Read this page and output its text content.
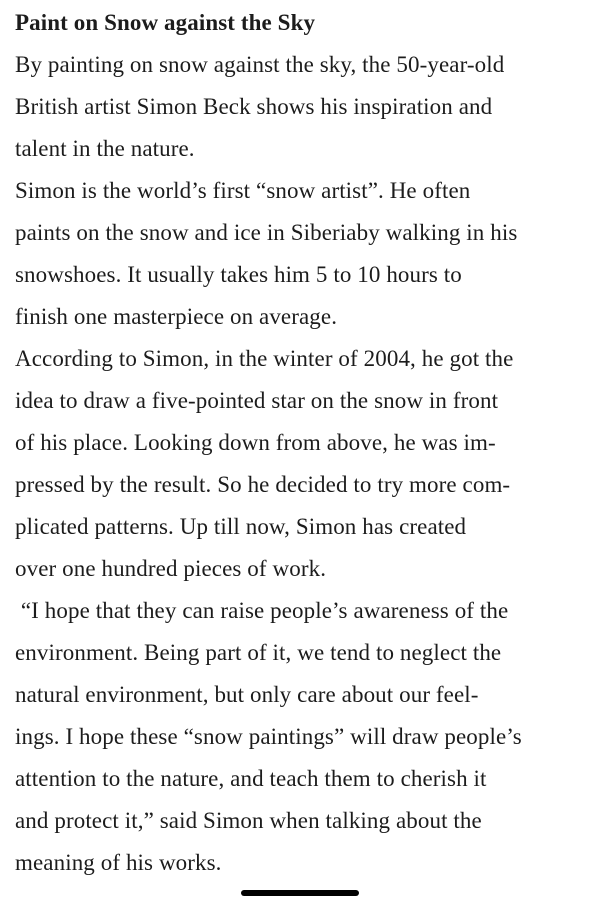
Paint on Snow against the Sky
By painting on snow against the sky, the 50-year-old
British artist Simon Beck shows his inspiration and
talent in the nature.
Simon is the world’s first “snow artist”. He often
paints on the snow and ice in Siberiaby walking in his
snowshoes. It usually takes him 5 to 10 hours to
finish one masterpiece on average.
According to Simon, in the winter of 2004, he got the
idea to draw a five-pointed star on the snow in front
of his place. Looking down from above, he was im-
pressed by the result. So he decided to try more com-
plicated patterns. Up till now, Simon has created
over one hundred pieces of work.
“I hope that they can raise people’s awareness of the
environment. Being part of it, we tend to neglect the
natural environment, but only care about our feel-
ings. I hope these “snow paintings” will draw people’s
attention to the nature, and teach them to cherish it
and protect it,” said Simon when talking about the
meaning of his works.
